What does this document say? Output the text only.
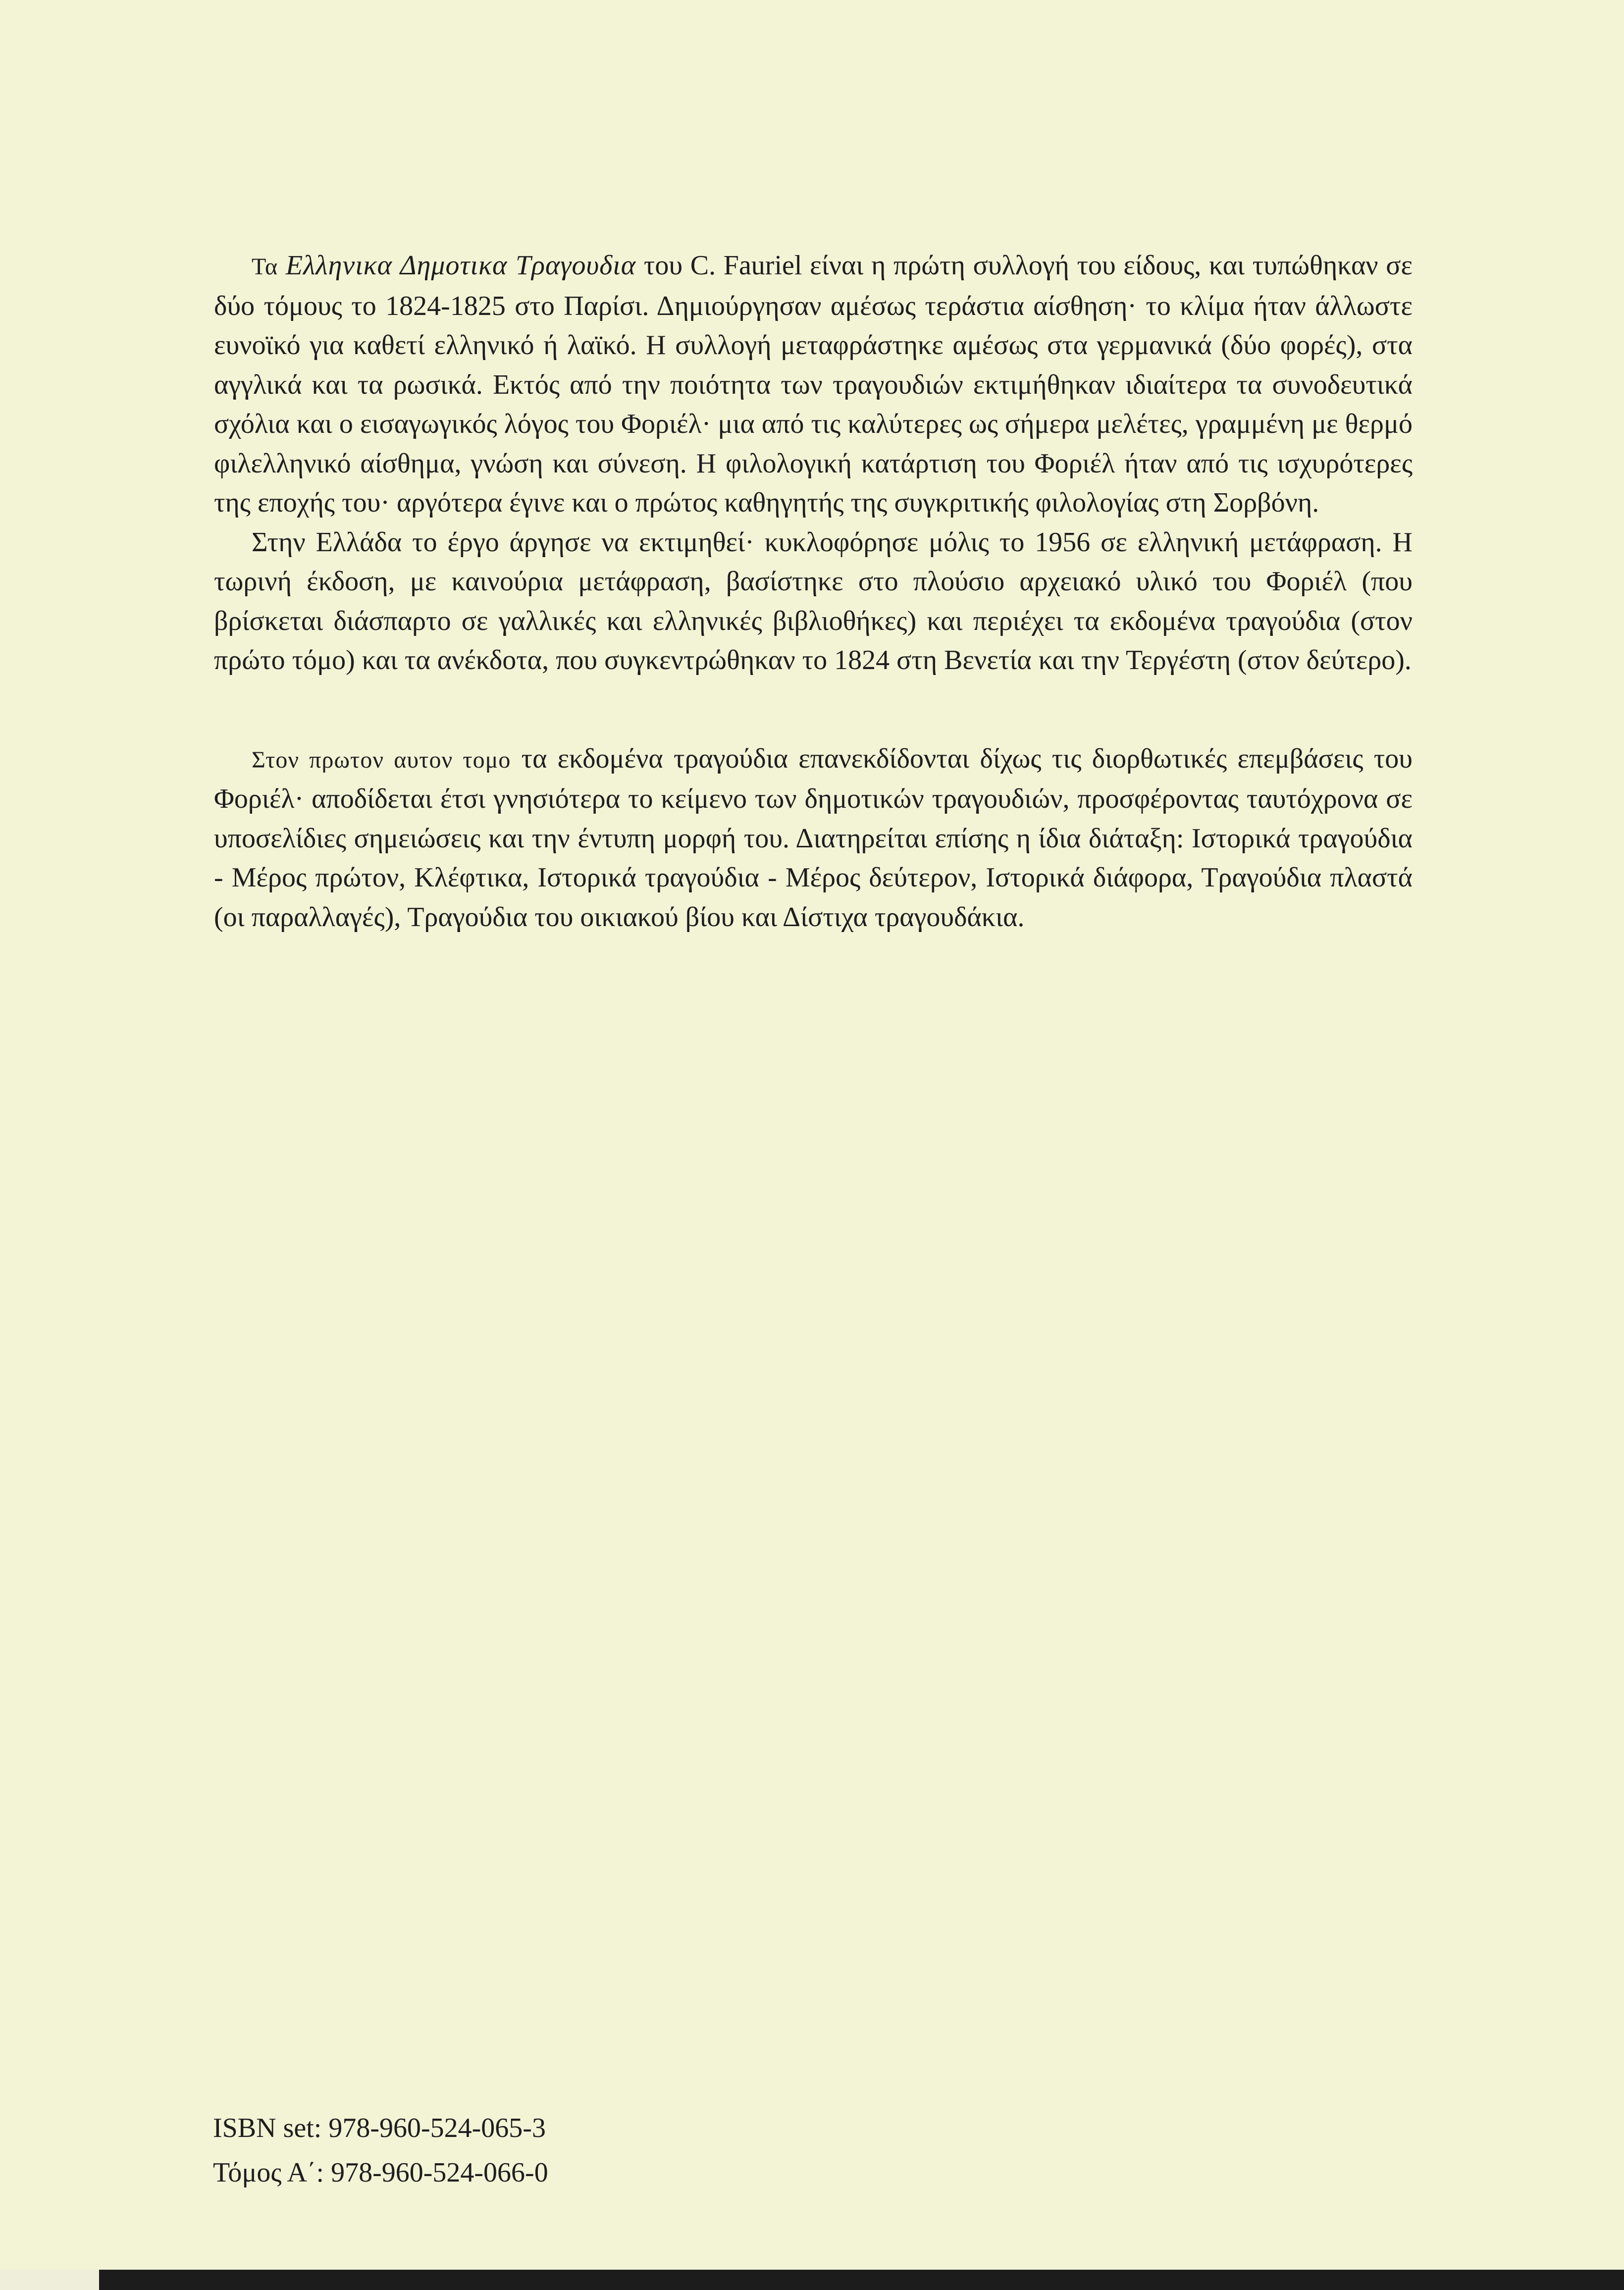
Τα Ελληνικα Δημοτικα Τραγουδια του C. Fauriel είναι η πρώτη συλλογή του είδους, και τυπώθηκαν σε δύο τόμους το 1824-1825 στο Παρίσι. Δημιούργησαν αμέσως τεράστια αίσθηση· το κλίμα ήταν άλλωστε ευνοϊκό για καθετί ελληνικό ή λαϊκό. Η συλλογή μεταφράστηκε αμέσως στα γερμανικά (δύο φορές), στα αγγλικά και τα ρωσικά. Εκτός από την ποιότητα των τραγουδιών εκτιμήθηκαν ιδιαίτερα τα συνοδευτικά σχόλια και ο εισαγωγικός λόγος του Φοριέλ· μια από τις καλύτερες ως σήμερα μελέτες, γραμμένη με θερμό φιλελληνικό αίσθημα, γνώση και σύνεση. Η φιλολογική κατάρτιση του Φοριέλ ήταν από τις ισχυρότερες της εποχής του· αργότερα έγινε και ο πρώτος καθηγητής της συγκριτικής φιλολογίας στη Σορβόνη.

Στην Ελλάδα το έργο άργησε να εκτιμηθεί· κυκλοφόρησε μόλις το 1956 σε ελληνική μετάφραση. Η τωρινή έκδοση, με καινούρια μετάφραση, βασίστηκε στο πλούσιο αρχειακό υλικό του Φοριέλ (που βρίσκεται διάσπαρτο σε γαλλικές και ελληνικές βιβλιοθήκες) και περιέχει τα εκδομένα τραγούδια (στον πρώτο τόμο) και τα ανέκδοτα, που συγκεντρώθηκαν το 1824 στη Βενετία και την Τεργέστη (στον δεύτερο).

Στον πρωτον αυτον τομο τα εκδομένα τραγούδια επανεκδίδονται δίχως τις διορθωτικές επεμβάσεις του Φοριέλ· αποδίδεται έτσι γνησιότερα το κείμενο των δημοτικών τραγουδιών, προσφέροντας ταυτόχρονα σε υποσελίδιες σημειώσεις και την έντυπη μορφή του. Διατηρείται επίσης η ίδια διάταξη: Ιστορικά τραγούδια - Μέρος πρώτον, Κλέφτικα, Ιστορικά τραγούδια - Μέρος δεύτερον, Ιστορικά διάφορα, Τραγούδια πλαστά (οι παραλλαγές), Τραγούδια του οικιακού βίου και Δίστιχα τραγουδάκια.

ISBN set: 978-960-524-065-3
Τόμος Α΄: 978-960-524-066-0
